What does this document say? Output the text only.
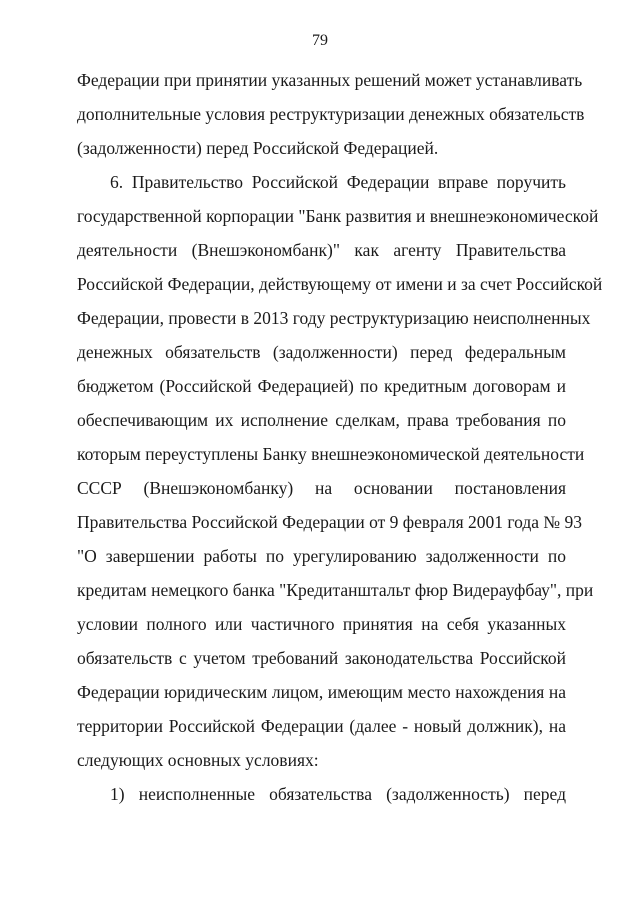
79
Федерации при принятии указанных решений может устанавливать
дополнительные условия реструктуризации денежных обязательств
(задолженности) перед Российской Федерацией.
6. Правительство Российской Федерации вправе поручить
государственной корпорации "Банк развития и внешнеэкономической
деятельности (Внешэкономбанк)" как агенту Правительства
Российской Федерации, действующему от имени и за счет Российской
Федерации, провести в 2013 году реструктуризацию неисполненных
денежных обязательств (задолженности) перед федеральным
бюджетом (Российской Федерацией) по кредитным договорам и
обеспечивающим их исполнение сделкам, права требования по
которым переуступлены Банку внешнеэкономической деятельности
СССР (Внешэкономбанку) на основании постановления
Правительства Российской Федерации от 9 февраля 2001 года № 93
"О завершении работы по урегулированию задолженности по
кредитам немецкого банка "Кредитанштальт фюр Видерауфбау", при
условии полного или частичного принятия на себя указанных
обязательств с учетом требований законодательства Российской
Федерации юридическим лицом, имеющим место нахождения на
территории Российской Федерации (далее - новый должник), на
следующих основных условиях:
1) неисполненные обязательства (задолженность) перед
